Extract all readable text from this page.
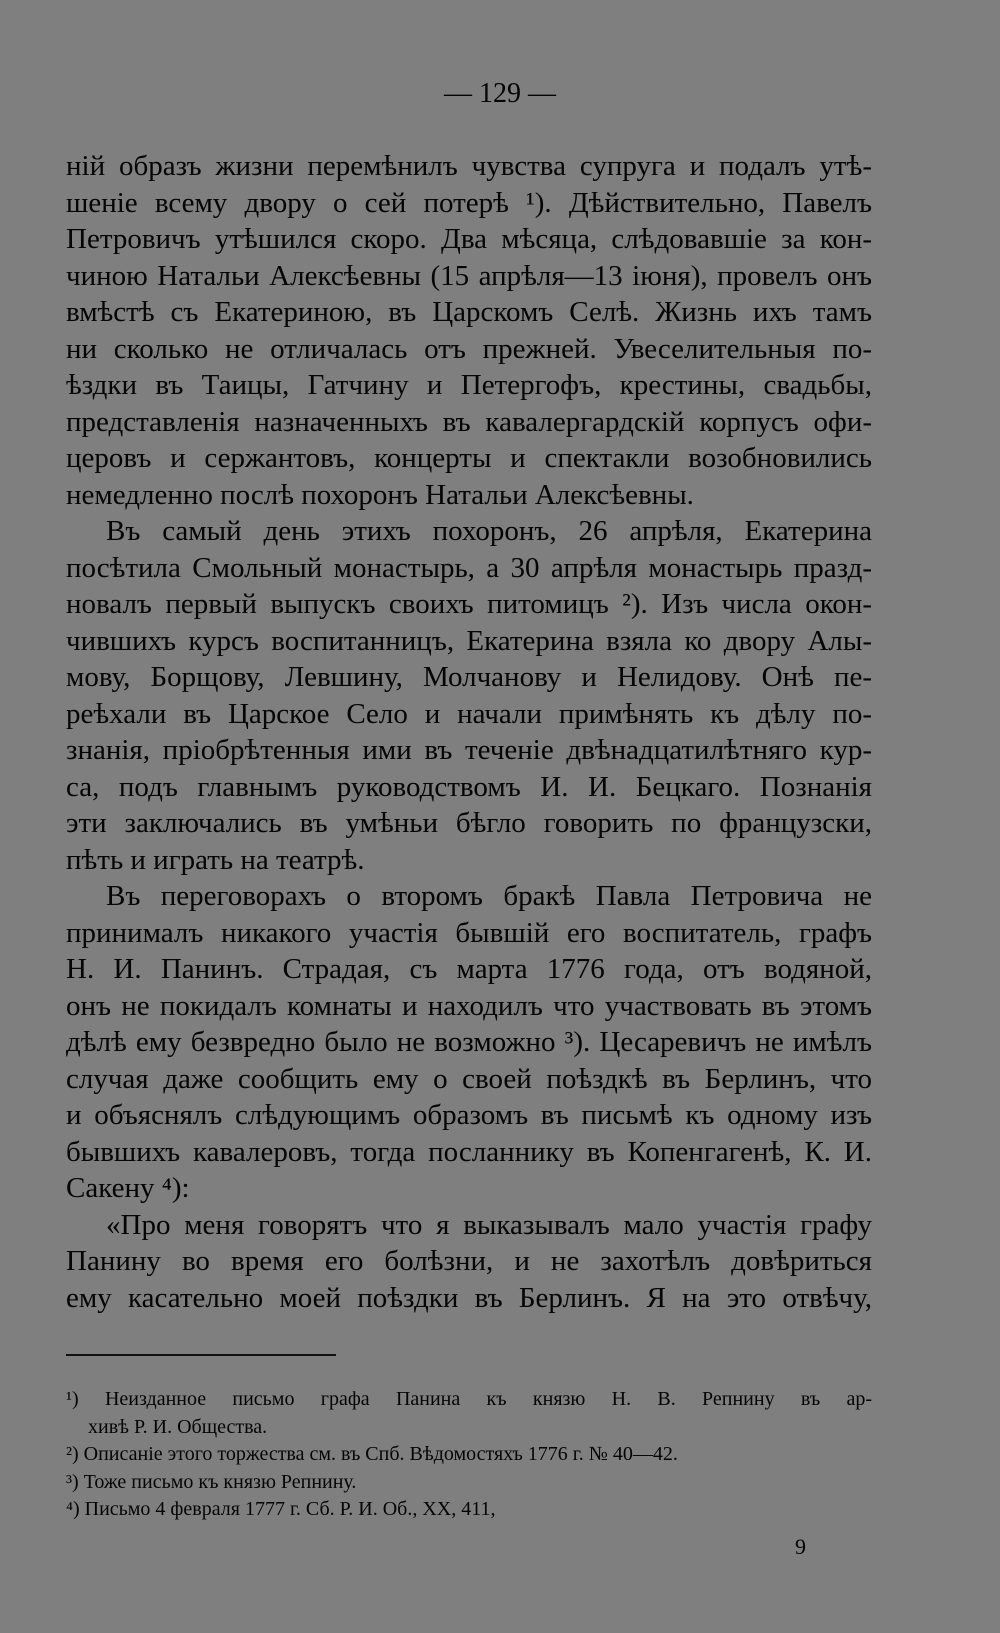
— 129 —
ній образъ жизни перемѣнилъ чувства супруга и подалъ утѣ-
шеніе всему двору о сей потерѣ ¹). Дѣйствительно, Павелъ
Петровичъ утѣшился скоро. Два мѣсяца, слѣдовавшіе за кон-
чиною Натальи Алексѣевны (15 апрѣля—13 іюня), провелъ онъ
вмѣстѣ съ Екатериною, въ Царскомъ Селѣ. Жизнь ихъ тамъ
ни сколько не отличалась отъ прежней. Увеселительныя по-
ѣздки въ Таицы, Гатчину и Петергофъ, крестины, свадьбы,
представленія назначенныхъ въ кавалергардскій корпусъ офи-
церовъ и сержантовъ, концерты и спектакли возобновились
немедленно послѣ похоронъ Натальи Алексѣевны.
Въ самый день этихъ похоронъ, 26 апрѣля, Екатерина
посѣтила Смольный монастырь, а 30 апрѣля монастырь празд-
новалъ первый выпускъ своихъ питомицъ ²). Изъ числа окон-
чившихъ курсъ воспитанницъ, Екатерина взяла ко двору Алы-
мову, Борщову, Левшину, Молчанову и Нелидову. Онѣ пе-
реѣхали въ Царское Село и начали примѣнять къ дѣлу по-
знанія, пріобрѣтенныя ими въ теченіе двѣнадцатилѣтняго кур-
са, подъ главнымъ руководствомъ И. И. Бецкаго. Познанія
эти заключались въ умѣньи бѣгло говорить по французски,
пѣть и играть на театрѣ.
Въ переговорахъ о второмъ бракѣ Павла Петровича не
принималъ никакого участія бывшій его воспитатель, графъ
Н. И. Панинъ. Страдая, съ марта 1776 года, отъ водяной,
онъ не покидалъ комнаты и находилъ что участвовать въ этомъ
дѣлѣ ему безвредно было не возможно ³). Цесаревичъ не имѣлъ
случая даже сообщить ему о своей поѣздкѣ въ Берлинъ, что
и объяснялъ слѣдующимъ образомъ въ письмѣ къ одному изъ
бывшихъ кавалеровъ, тогда посланнику въ Копенгагенѣ, К. И.
Сакену ⁴):
«Про меня говорятъ что я выказывалъ мало участія графу
Панину во время его болѣзни, и не захотѣлъ довѣриться
ему касательно моей поѣздки въ Берлинъ. Я на это отвѣчу,
¹) Неизданное письмо графа Панина къ князю Н. В. Репнину въ ар-
хивѣ Р. И. Общества.
²) Описаніе этого торжества см. въ Спб. Вѣдомостяхъ 1776 г. № 40—42.
³) Тоже письмо къ князю Репнину.
⁴) Письмо 4 февраля 1777 г. Сб. Р. И. Об., XX, 411,
9
